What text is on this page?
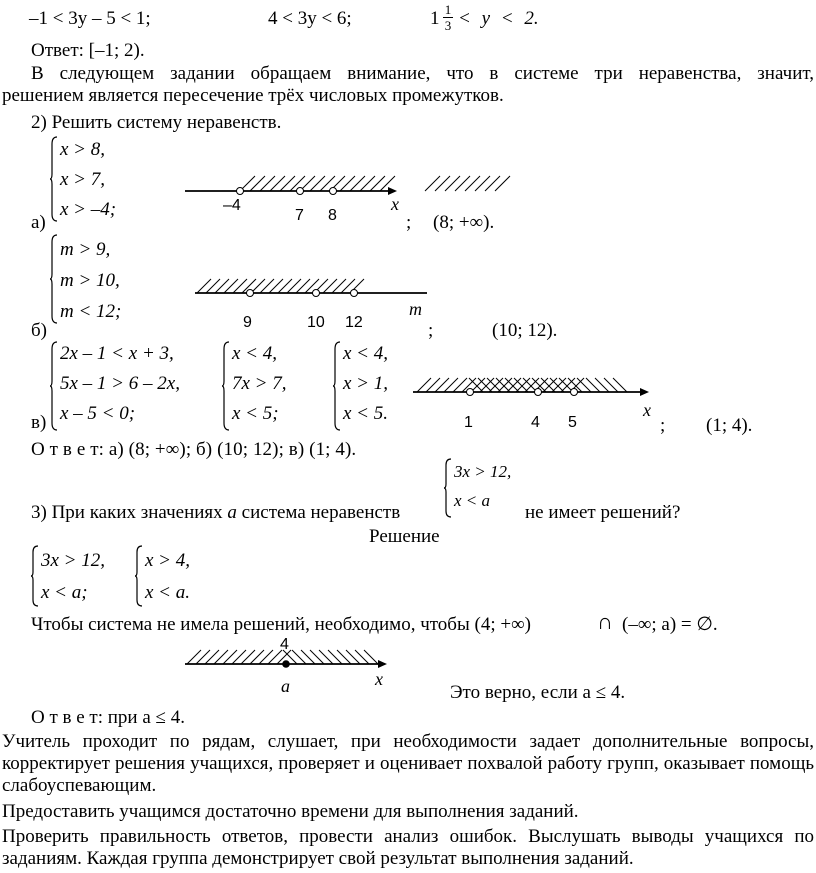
–1 < 3y – 5 < 1;	4 < 3y < 6;	1 1
3 < y < 2.
Ответ: [–1; 2).
В следующем задании обращаем внимание, что в системе три неравенства, значит,
решением является пересечение трёх числовых промежутков.
2) Решить систему неравенств.
x > 8,
x > 7,
x > –4;
а)
–4
7 8
x
; (8; +∞).
m > 9,
m > 10,
m < 12;
б)	9	10 12
m
;	(10; 12).
2x – 1 < x + 3,
5x – 1 > 6 – 2x,
x – 5 < 0;
x < 4,
7x > 7,
x < 5;
x < 4,
x > 1,
x < 5.
в)	1	4 5
x
; (1; 4).
О т в е т: а) (8; +∞); б) (10; 12); в) (1; 4).
3x > 12,
x < a
3) При каких значениях a система неравенств	не имеет решений?
Решение
3x > 12,
x < a;
x > 4,
x < a.
Чтобы система не имела решений, необходимо, чтобы (4; +∞)	∩ (–∞; a) = ∅.
4
a	x
Это верно, если a ≤ 4.
О т в е т: при a ≤ 4.
Учитель проходит по рядам, слушает, при необходимости задает дополнительные вопросы, корректирует решения учащихся, проверяет и оценивает похвалой работу групп, оказывает помощь слабоуспевающим.
Предоставить учащимся достаточно времени для выполнения заданий.
Проверить правильность ответов, провести анализ ошибок. Выслушать выводы учащихся по заданиям. Каждая группа демонстрирует свой результат выполнения заданий.
